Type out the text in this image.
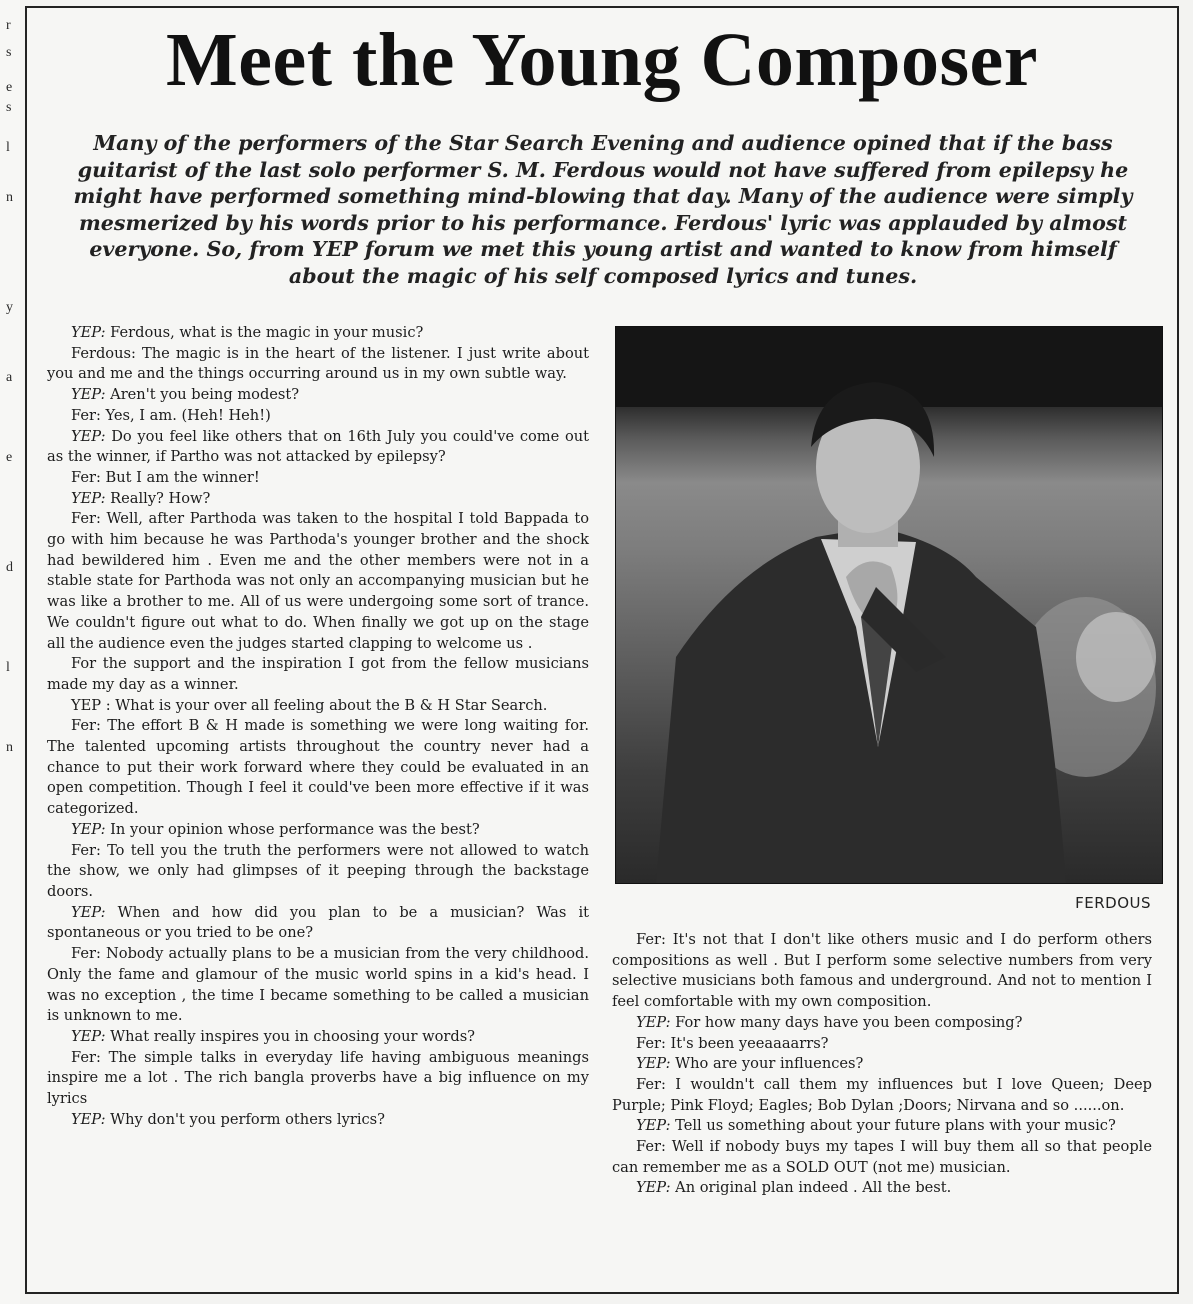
r
s
e
s
l
n
y
a
e
d
l
n
Meet the Young Composer
Many of the performers of the Star Search Evening and audience opined that if the bass guitarist of the last solo performer S. M. Ferdous would not have suffered from epilepsy he might have performed something mind-blowing that day. Many of the audience were simply mesmerized by his words prior to his performance. Ferdous' lyric was applauded by almost everyone. So, from YEP forum we met this young artist and wanted to know from himself about the magic of his self composed lyrics and tunes.

YEP: Ferdous, what is the magic in your music?

Ferdous: The magic is in the heart of the listener. I just write about you and me and the things occurring around us in my own subtle way.

YEP: Aren't you being modest?

Fer: Yes, I am. (Heh! Heh!)

YEP: Do you feel like others that on 16th July you could've come out as the winner, if Partho was not attacked by epilepsy?

Fer: But I am the winner!

YEP: Really? How?

Fer: Well, after Parthoda was taken to the hospital I told Bappada to go with him because he was Parthoda's younger brother and the shock had bewildered him . Even me and the other members were not in a stable state for Parthoda was not only an accompanying musician but he was like a brother to me. All of us were undergoing some sort of trance. We couldn't figure out what to do. When finally we got up on the stage all the audience even the judges started clapping to welcome us .

For the support and the inspiration I got from the fellow musicians made my day as a winner.

YEP : What is your over all feeling about the B & H Star Search.

Fer: The effort B & H made is something we were long waiting for. The talented upcoming artists throughout the country never had a chance to put their work forward where they could be evaluated in an open competition. Though I feel it could've been more effective if it was categorized.

YEP: In your opinion whose performance was the best?

Fer: To tell you the truth the performers were not allowed to watch the show, we only had glimpses of it peeping through the backstage doors.

YEP: When and how did you plan to be a musician? Was it spontaneous or you tried to be one?

Fer: Nobody actually plans to be a musician from the very childhood. Only the fame and glamour of the music world spins in a kid's head. I was no exception , the time I became something to be called a musician is unknown to me.

YEP: What really inspires you in choosing your words?

Fer: The simple talks in everyday life having ambiguous meanings inspire me a lot . The rich bangla proverbs have a big influence on my lyrics

YEP: Why don't you perform others lyrics?

FERDOUS

Fer: It's not that I don't like others music and I do perform others compositions as well . But I perform some selective numbers from very selective musicians both famous and underground. And not to mention I feel comfortable with my own composition.

YEP: For how many days have you been composing?

Fer: It's been yeeaaaarrs?

YEP: Who are your influences?

Fer: I wouldn't call them my influences but I love Queen; Deep Purple; Pink Floyd; Eagles; Bob Dylan ;Doors; Nirvana and so ......on.

YEP: Tell us something about your future plans with your music?

Fer: Well if nobody buys my tapes I will buy them all so that people can remember me as a SOLD OUT (not me) musician.

YEP: An original plan indeed . All the best.
